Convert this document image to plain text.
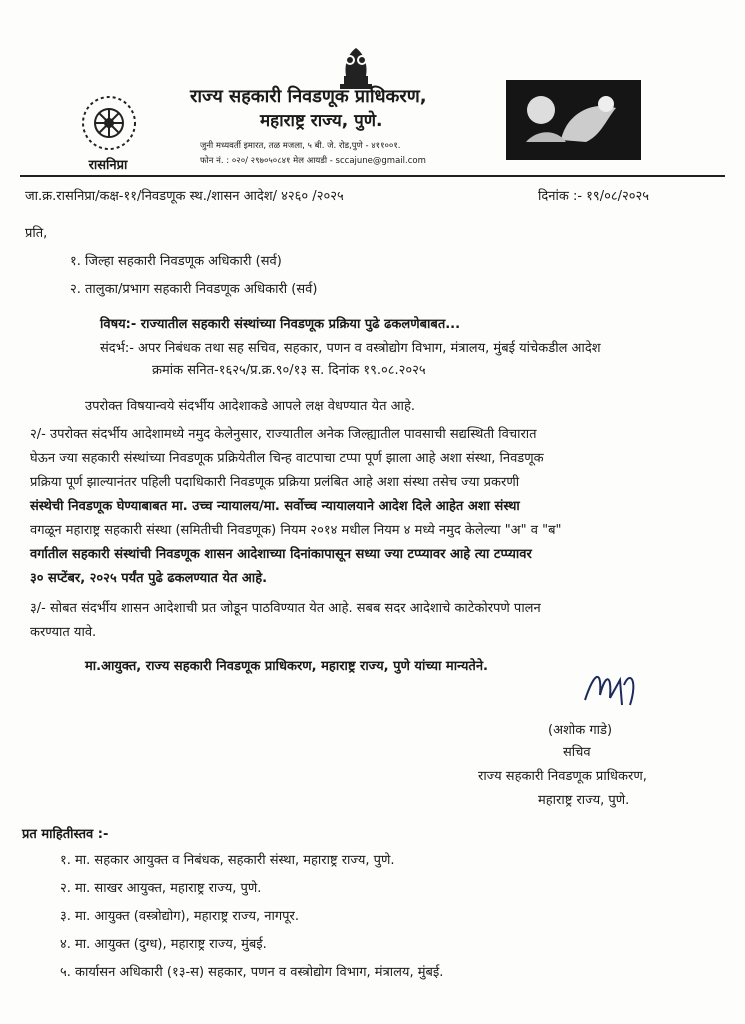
रासनिप्रा
राज्य सहकारी निवडणूक प्राधिकरण,
महाराष्ट्र राज्य, पुणे.
जुनी मध्यवर्ती इमारत, तळ मजला, ५ बी. जे. रोड,पुणे - ४११००१.
फोन नं. : ०२०/ २९७०५०८४१ मेल आयडी - sccajune@gmail.com
जा.क्र.रासनिप्रा/कक्ष-११/निवडणूक स्थ./शासन आदेश/ ४२६० /२०२५	दिनांक :- १९/०८/२०२५
प्रति,
१. जिल्हा सहकारी निवडणूक अधिकारी (सर्व)
२. तालुका/प्रभाग सहकारी निवडणूक अधिकारी (सर्व)
विषय:- राज्यातील सहकारी संस्थांच्या निवडणूक प्रक्रिया पुढे ढकलणेबाबत...
संदर्भ:- अपर निबंधक तथा सह सचिव, सहकार, पणन व वस्त्रोद्योग विभाग, मंत्रालय, मुंबई यांचेकडील आदेश
क्रमांक सनित-१६२५/प्र.क्र.९०/१३ स. दिनांक १९.०८.२०२५
उपरोक्त विषयान्वये संदर्भीय आदेशाकडे आपले लक्ष वेधण्यात येत आहे.
२/- उपरोक्त संदर्भीय आदेशामध्ये नमुद केलेनुसार, राज्यातील अनेक जिल्ह्यातील पावसाची सद्यस्थिती विचारात
घेऊन ज्या सहकारी संस्थांच्या निवडणूक प्रक्रियेतील चिन्ह वाटपाचा टप्पा पूर्ण झाला आहे अशा संस्था, निवडणूक
प्रक्रिया पूर्ण झाल्यानंतर पहिली पदाधिकारी निवडणूक प्रक्रिया प्रलंबित आहे अशा संस्था तसेच ज्या प्रकरणी
संस्थेची निवडणूक घेण्याबाबत मा. उच्च न्यायालय/मा. सर्वोच्च न्यायालयाने आदेश दिले आहेत अशा संस्था
वगळून महाराष्ट्र सहकारी संस्था (समितीची निवडणूक) नियम २०१४ मधील नियम ४ मध्ये नमुद केलेल्या "अ" व "ब"
वर्गातील सहकारी संस्थांची निवडणूक शासन आदेशाच्या दिनांकापासून सध्या ज्या टप्प्यावर आहे त्या टप्प्यावर
३० सप्टेंबर, २०२५ पर्यंत पुढे ढकलण्यात येत आहे.
३/- सोबत संदर्भीय शासन आदेशाची प्रत जोडून पाठविण्यात येत आहे. सबब सदर आदेशाचे काटेकोरपणे पालन
करण्यात यावे.
मा.आयुक्त, राज्य सहकारी निवडणूक प्राधिकरण, महाराष्ट्र राज्य, पुणे यांच्या मान्यतेने.
(अशोक गाडे)
सचिव
राज्य सहकारी निवडणूक प्राधिकरण,
महाराष्ट्र राज्य, पुणे.
प्रत माहितीस्तव :-
१. मा. सहकार आयुक्त व निबंधक, सहकारी संस्था, महाराष्ट्र राज्य, पुणे.
२. मा. साखर आयुक्त, महाराष्ट्र राज्य, पुणे.
३. मा. आयुक्त (वस्त्रोद्योग), महाराष्ट्र राज्य, नागपूर.
४. मा. आयुक्त (दुग्ध), महाराष्ट्र राज्य, मुंबई.
५. कार्यासन अधिकारी (१३-स) सहकार, पणन व वस्त्रोद्योग विभाग, मंत्रालय, मुंबई.
